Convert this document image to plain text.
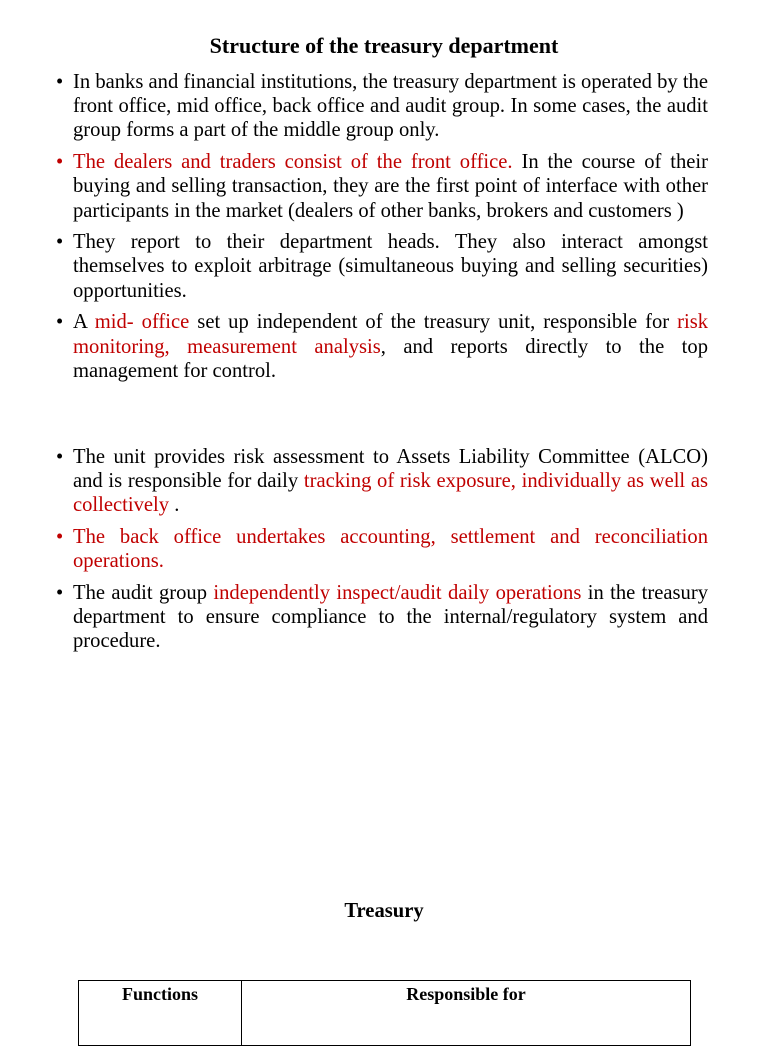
Structure of the treasury department
• In banks and financial institutions, the treasury department is operated by the front office, mid office, back office and audit group. In some cases, the audit group forms a part of the middle group only.
• The dealers and traders consist of the front office. In the course of their buying and selling transaction, they are the first point of interface with other participants in the market (dealers of other banks, brokers and customers )
• They report to their department heads. They also interact amongst themselves to exploit arbitrage (simultaneous buying and selling securities) opportunities.
• A mid- office set up independent of the treasury unit, responsible for risk monitoring, measurement analysis, and reports directly to the top management for control.
• The unit provides risk assessment to Assets Liability Committee (ALCO) and is responsible for daily tracking of risk exposure, individually as well as collectively .
• The back office undertakes accounting, settlement and reconciliation operations.
• The audit group independently inspect/audit daily operations in the treasury department to ensure compliance to the internal/regulatory system and procedure.
Treasury
Functions	Responsible for
